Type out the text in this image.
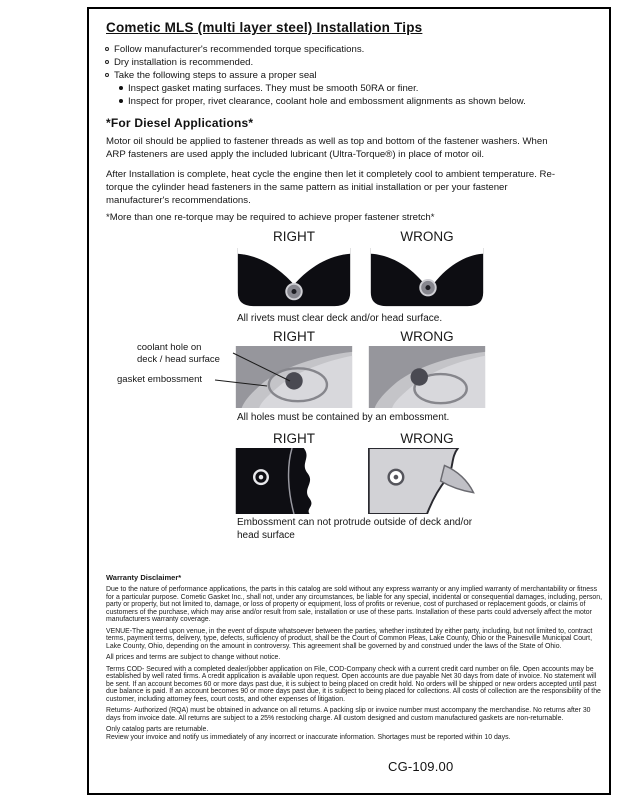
Cometic MLS (multi layer steel) Installation Tips
Follow manufacturer's recommended torque specifications.
Dry installation is recommended.
Take the following steps to assure a proper seal
Inspect gasket mating surfaces. They must be smooth 50RA or finer.
Inspect for proper, rivet clearance, coolant hole and embossment alignments as shown below.
*For Diesel Applications*
Motor oil should be applied to fastener threads as well as top and bottom of the fastener washers. When ARP fasteners are used apply the included lubricant (Ultra-Torque®) in place of motor oil.
After Installation is complete, heat cycle the engine then let it completely cool to ambient temperature. Re-torque the cylinder head fasteners in the same pattern as initial installation or per your fastener manufacturer's recommendations.
*More than one re-torque may be required to achieve proper fastener stretch*
RIGHT	WRONG
All rivets must clear deck and/or head surface.
RIGHT	WRONG
coolant hole on
deck / head surface
gasket embossment
All holes must be contained by an embossment.
RIGHT	WRONG
Embossment can not protrude outside of deck and/or head surface
Warranty Disclaimer*

Due to the nature of performance applications, the parts in this catalog are sold without any express warranty or any implied warranty of merchantability or fitness for a particular purpose. Cometic Gasket Inc., shall not, under any circumstances, be liable for any special, incidental or consequential damages, including, person, party or property, but not limited to, damage, or loss of property or equipment, loss of profits or revenue, cost of purchased or replacement goods, or claims of customers of the purchase, which may arise and/or result from sale, installation or use of these parts. Installation of these parts could adversely affect the motor manufacturers warranty coverage.

VENUE-The agreed upon venue, in the event of dispute whatsoever between the parties, whether instituted by either party, including, but not limited to, contract terms, payment terms, delivery, type, defects, sufficiency of product, shall be the Court of Common Pleas, Lake County, Ohio or the Painesville Municipal Court, Lake County, Ohio, depending on the amount in controversy. This agreement shall be governed by and construed under the laws of the State of Ohio.

All prices and terms are subject to change without notice.

Terms COD- Secured with a completed dealer/jobber application on File, COD-Company check with a current credit card number on file. Open accounts may be established by well rated firms. A credit application is available upon request. Open accounts are due payable Net 30 days from date of invoice. No statement will be sent. If an account becomes 60 or more days past due, it is subject to being placed on credit hold. No orders will be shipped or new orders accepted until past due balance is paid. If an account becomes 90 or more days past due, it is subject to being placed for collections. All costs of collection are the responsibility of the customer, including attorney fees, court costs, and other expenses of litigation.

Returns- Authorized (RQA) must be obtained in advance on all returns. A packing slip or invoice number must accompany the merchandise. No returns after 30 days from invoice date. All returns are subject to a 25% restocking charge. All custom designed and custom manufactured gaskets are non-returnable.

Only catalog parts are returnable.

Review your invoice and notify us immediately of any incorrect or inaccurate information. Shortages must be reported within 10 days.

CG-109.00
